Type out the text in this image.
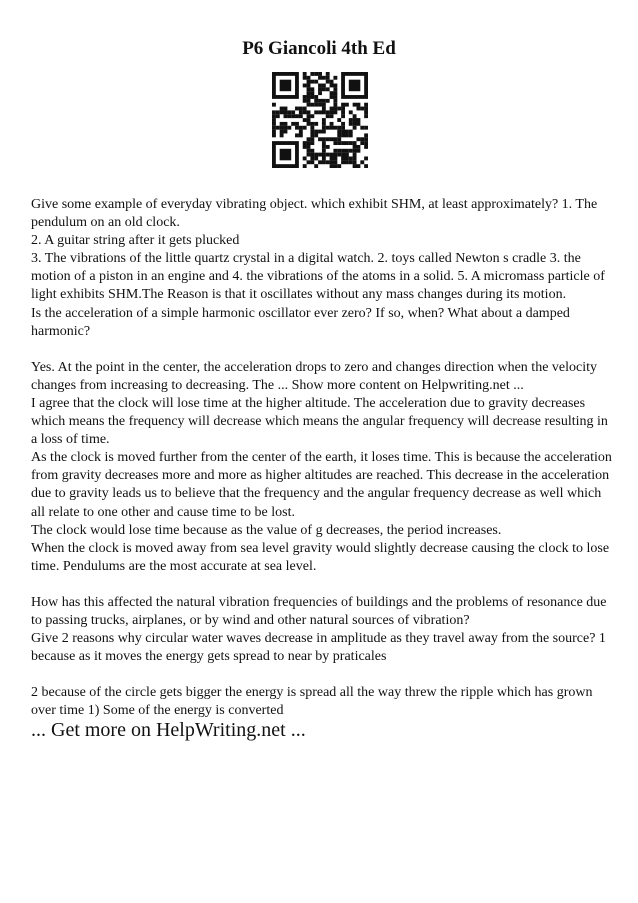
P6 Giancoli 4th Ed

Give some example of everyday vibrating object. which exhibit SHM, at least approximately? 1. The pendulum on an old clock.

2. A guitar string after it gets plucked

3. The vibrations of the little quartz crystal in a digital watch. 2. toys called Newton s cradle 3. the motion of a piston in an engine and 4. the vibrations of the atoms in a solid. 5. A micromass particle of light exhibits SHM.The Reason is that it oscillates without any mass changes during its motion.

Is the acceleration of a simple harmonic oscillator ever zero? If so, when? What about a damped harmonic?

Yes. At the point in the center, the acceleration drops to zero and changes direction when the velocity changes from increasing to decreasing. The ... Show more content on Helpwriting.net ...

I agree that the clock will lose time at the higher altitude. The acceleration due to gravity decreases which means the frequency will decrease which means the angular frequency will decrease resulting in a loss of time.

As the clock is moved further from the center of the earth, it loses time. This is because the acceleration from gravity decreases more and more as higher altitudes are reached. This decrease in the acceleration due to gravity leads us to believe that the frequency and the angular frequency decrease as well which all relate to one other and cause time to be lost.

The clock would lose time because as the value of g decreases, the period increases.

When the clock is moved away from sea level gravity would slightly decrease causing the clock to lose time. Pendulums are the most accurate at sea level.

How has this affected the natural vibration frequencies of buildings and the problems of resonance due to passing trucks, airplanes, or by wind and other natural sources of vibration?

Give 2 reasons why circular water waves decrease in amplitude as they travel away from the source? 1 because as it moves the energy gets spread to near by praticales

2 because of the circle gets bigger the energy is spread all the way threw the ripple which has grown over time 1) Some of the energy is converted

... Get more on HelpWriting.net ...
